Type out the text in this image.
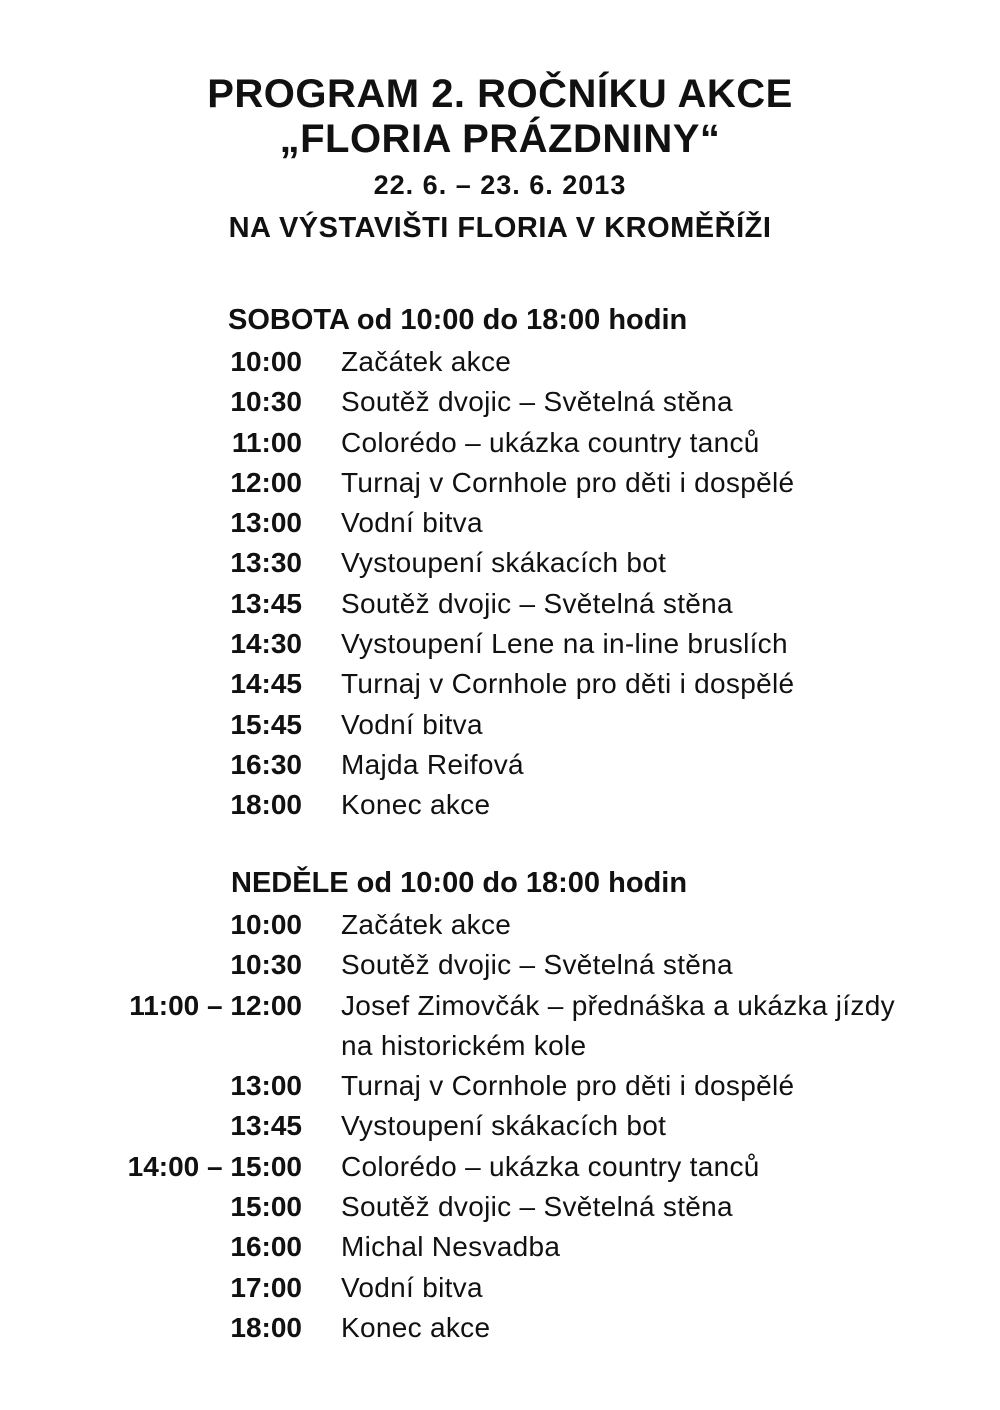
PROGRAM 2. ROČNÍKU AKCE
„FLORIA PRÁZDNINY“
22. 6. – 23. 6. 2013
NA VÝSTAVIŠTI FLORIA V KROMĚŘÍŽI
SOBOTA od 10:00 do 18:00 hodin
10:00 Začátek akce
10:30 Soutěž dvojic – Světelná stěna
11:00 Colorédo – ukázka country tanců
12:00 Turnaj v Cornhole pro děti i dospělé
13:00 Vodní bitva
13:30 Vystoupení skákacích bot
13:45 Soutěž dvojic – Světelná stěna
14:30 Vystoupení Lene na in-line bruslích
14:45 Turnaj v Cornhole pro děti i dospělé
15:45 Vodní bitva
16:30 Majda Reifová
18:00 Konec akce
NEDĚLE od 10:00 do 18:00 hodin
10:00 Začátek akce
10:30 Soutěž dvojic – Světelná stěna
11:00 – 12:00 Josef Zimovčák – přednáška a ukázka jízdy na historickém kole
13:00 Turnaj v Cornhole pro děti i dospělé
13:45 Vystoupení skákacích bot
14:00 – 15:00 Colorédo – ukázka country tanců
15:00 Soutěž dvojic – Světelná stěna
16:00 Michal Nesvadba
17:00 Vodní bitva
18:00 Konec akce
